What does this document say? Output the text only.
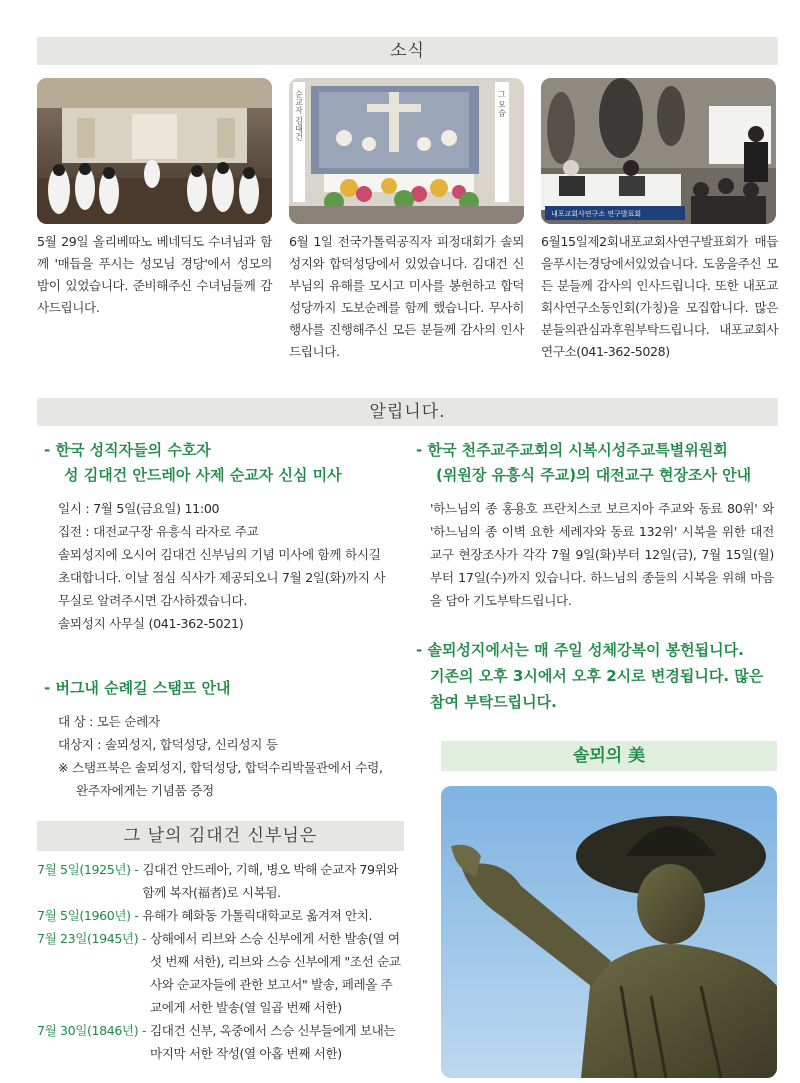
소식
순교자 김대건	그 모습
내포교회사연구소 연구발표회
5월 29일 올리베따노 베네딕도 수녀님과 함께 '매듭을 푸시는 성모님 경당'에서 성모의 밤이 있었습니다. 준비해주신 수녀님들께 감사드립니다.
6월 1일 전국가톨릭공직자 피정대회가 솔뫼성지와 합덕성당에서 있었습니다. 김대건 신부님의 유해를 모시고 미사를 봉헌하고 합덕성당까지 도보순례를 함께 했습니다. 무사히 행사를 진행해주신 모든 분들께 감사의 인사드립니다.
6월15일제2회내포교회사연구발표회가 매듭을푸시는경당에서있었습니다. 도움을주신 모든 분들께 감사의 인사드립니다. 또한 내포교회사연구소동인회(가칭)을 모집합니다. 많은분들의관심과후원부탁드립니다. 내포교회사연구소(041-362-5028)
알립니다.
- 한국 성직자들의 수호자
성 김대건 안드레아 사제 순교자 신심 미사
일시 : 7월 5일(금요일) 11:00
집전 : 대전교구장 유흥식 라자로 주교
솔뫼성지에 오시어 김대건 신부님의 기념 미사에 함께 하시길 초대합니다. 이날 점심 식사가 제공되오니 7월 2일(화)까지 사무실로 알려주시면 감사하겠습니다.
솔뫼성지 사무실 (041-362-5021)
- 버그내 순례길 스탬프 안내
대 상 : 모든 순례자
대상지 : 솔뫼성지, 합덕성당, 신리성지 등
※ 스탬프북은 솔뫼성지, 합덕성당, 합덕수리박물관에서 수령,
완주자에게는 기념품 증정
- 한국 천주교주교회의 시복시성주교특별위원회
(위원장 유흥식 주교)의 대전교구 현장조사 안내
'하느님의 종 홍용호 프란치스코 보르지아 주교와 동료 80위' 와 '하느님의 종 이벽 요한 세례자와 동료 132위' 시복을 위한 대전교구 현장조사가 각각 7월 9일(화)부터 12일(금), 7월 15일(월)부터 17일(수)까지 있습니다. 하느님의 종들의 시복을 위해 마음을 담아 기도부탁드립니다.
- 솔뫼성지에서는 매 주일 성체강복이 봉헌됩니다.
기존의 오후 3시에서 오후 2시로 변경됩니다. 많은
참여 부탁드립니다.
솔뫼의 美
그 날의 김대건 신부님은
7월 5일(1925년) - 김대건 안드레아, 기해, 병오 박해 순교자 79위와
함께 복자(福者)로 시복됨.
7월 5일(1960년) - 유해가 혜화동 가톨릭대학교로 옮겨져 안치.
7월 23일(1945년) - 상해에서 리브와 스승 신부에게 서한 발송(열 여
섯 번째 서한), 리브와 스승 신부에게 "조선 순교
사와 순교자들에 관한 보고서" 발송, 페레올 주
교에게 서한 발송(열 일곱 번째 서한)
7월 30일(1846년) - 김대건 신부, 옥중에서 스승 신부들에게 보내는
마지막 서한 작성(열 아홉 번째 서한)
